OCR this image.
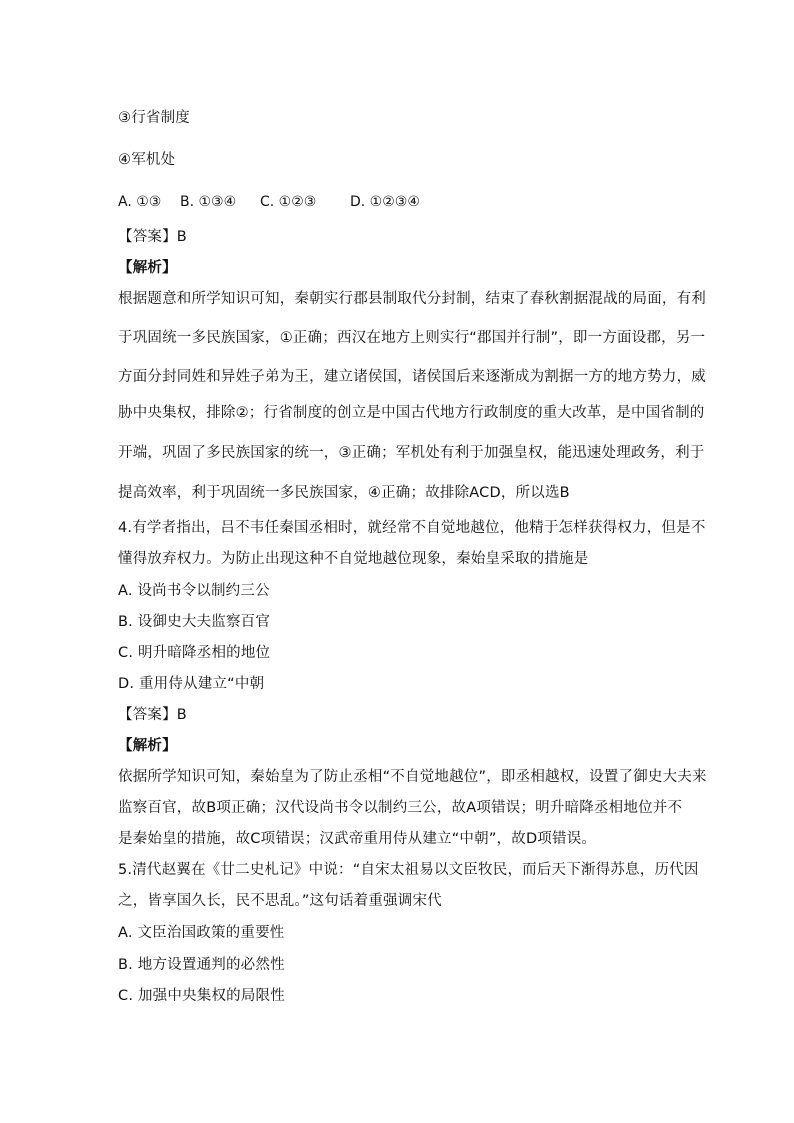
③行省制度
④军机处
A. ①③ B. ①③④ C. ①②③ D. ①②③④
【答案】B
【解析】
根据题意和所学知识可知，秦朝实行郡县制取代分封制，结束了春秋割据混战的局面，有利
于巩固统一多民族国家，①正确；西汉在地方上则实行“郡国并行制”，即一方面设郡，另一
方面分封同姓和异姓子弟为王，建立诸侯国，诸侯国后来逐渐成为割据一方的地方势力，威
胁中央集权，排除②；行省制度的创立是中国古代地方行政制度的重大改革，是中国省制的
开端，巩固了多民族国家的统一，③正确；军机处有利于加强皇权，能迅速处理政务，利于
提高效率，利于巩固统一多民族国家，④正确；故排除ACD，所以选B
4.有学者指出，吕不韦任秦国丞相时，就经常不自觉地越位，他精于怎样获得权力，但是不
懂得放弃权力。为防止出现这种不自觉地越位现象，秦始皇采取的措施是
A. 设尚书令以制约三公
B. 设御史大夫监察百官
C. 明升暗降丞相的地位
D. 重用侍从建立“中朝
【答案】B
【解析】
依据所学知识可知，秦始皇为了防止丞相“不自觉地越位”，即丞相越权，设置了御史大夫来
监察百官，故B项正确；汉代设尚书令以制约三公，故A项错误；明升暗降丞相地位并不
是秦始皇的措施，故C项错误；汉武帝重用侍从建立“中朝”，故D项错误。
5.清代赵翼在《廿二史札记》中说：“自宋太祖易以文臣牧民，而后天下渐得苏息，历代因
之，皆享国久长，民不思乱。”这句话着重强调宋代
A. 文臣治国政策的重要性
B. 地方设置通判的必然性
C. 加强中央集权的局限性
